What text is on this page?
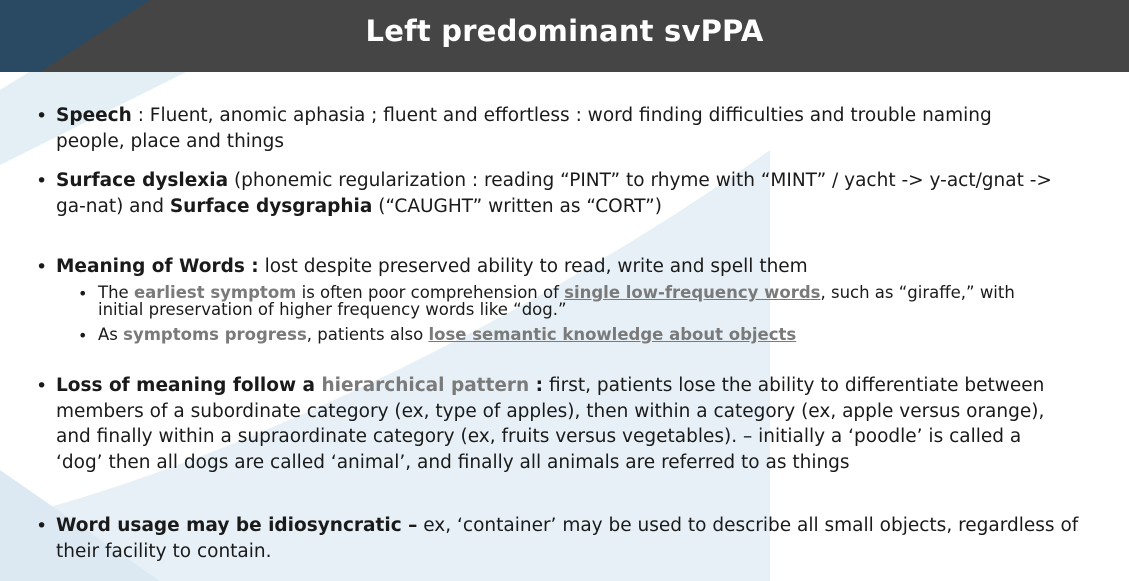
Left predominant svPPA
• Speech : Fluent, anomic aphasia ; fluent and effortless : word finding difficulties and trouble naming
people, place and things
• Surface dyslexia (phonemic regularization : reading “PINT” to rhyme with “MINT” / yacht -> y-act/gnat ->
ga-nat) and Surface dysgraphia (“CAUGHT” written as “CORT”)
• Meaning of Words : lost despite preserved ability to read, write and spell them
• The earliest symptom is often poor comprehension of single low-frequency words, such as “giraffe,” with
initial preservation of higher frequency words like “dog.”
• As symptoms progress, patients also lose semantic knowledge about objects
• Loss of meaning follow a hierarchical pattern : first, patients lose the ability to differentiate between
members of a subordinate category (ex, type of apples), then within a category (ex, apple versus orange),
and finally within a supraordinate category (ex, fruits versus vegetables). – initially a ‘poodle’ is called a
‘dog’ then all dogs are called ‘animal’, and finally all animals are referred to as things
• Word usage may be idiosyncratic – ex, ‘container’ may be used to describe all small objects, regardless of
their facility to contain.
